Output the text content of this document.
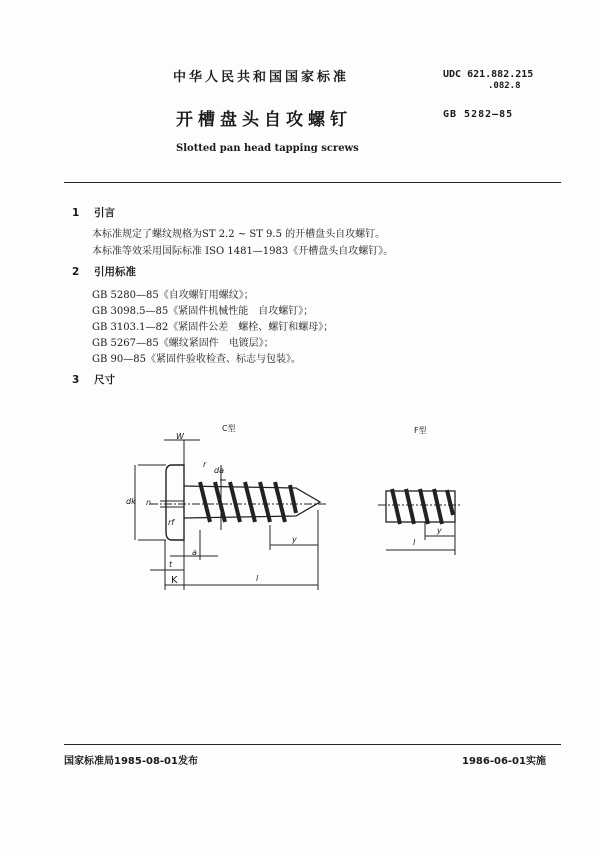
中华人民共和国国家标准	UDC 621.882.215
.082.8
开槽盘头自攻螺钉	GB 5282—85
Slotted pan head tapping screws
1 引言
本标准规定了螺纹规格为ST 2.2 ~ ST 9.5 的开槽盘头自攻螺钉。
本标准等效采用国际标准 ISO 1481—1983《开槽盘头自攻螺钉》。
2 引用标准
GB 5280—85《自攻螺钉用螺纹》；
GB 3098.5—85《紧固件机械性能　自攻螺钉》；
GB 3103.1—82《紧固件公差　螺栓、螺钉和螺母》；
GB 5267—85《螺纹紧固件　电镀层》；
GB 90—85《紧固件验收检查、标志与包装》。
3 尺寸
C型	F型
W
r
da
dk n
rf
a
y
t
K	l
y
l
国家标准局1985-08-01发布	1986-06-01实施
